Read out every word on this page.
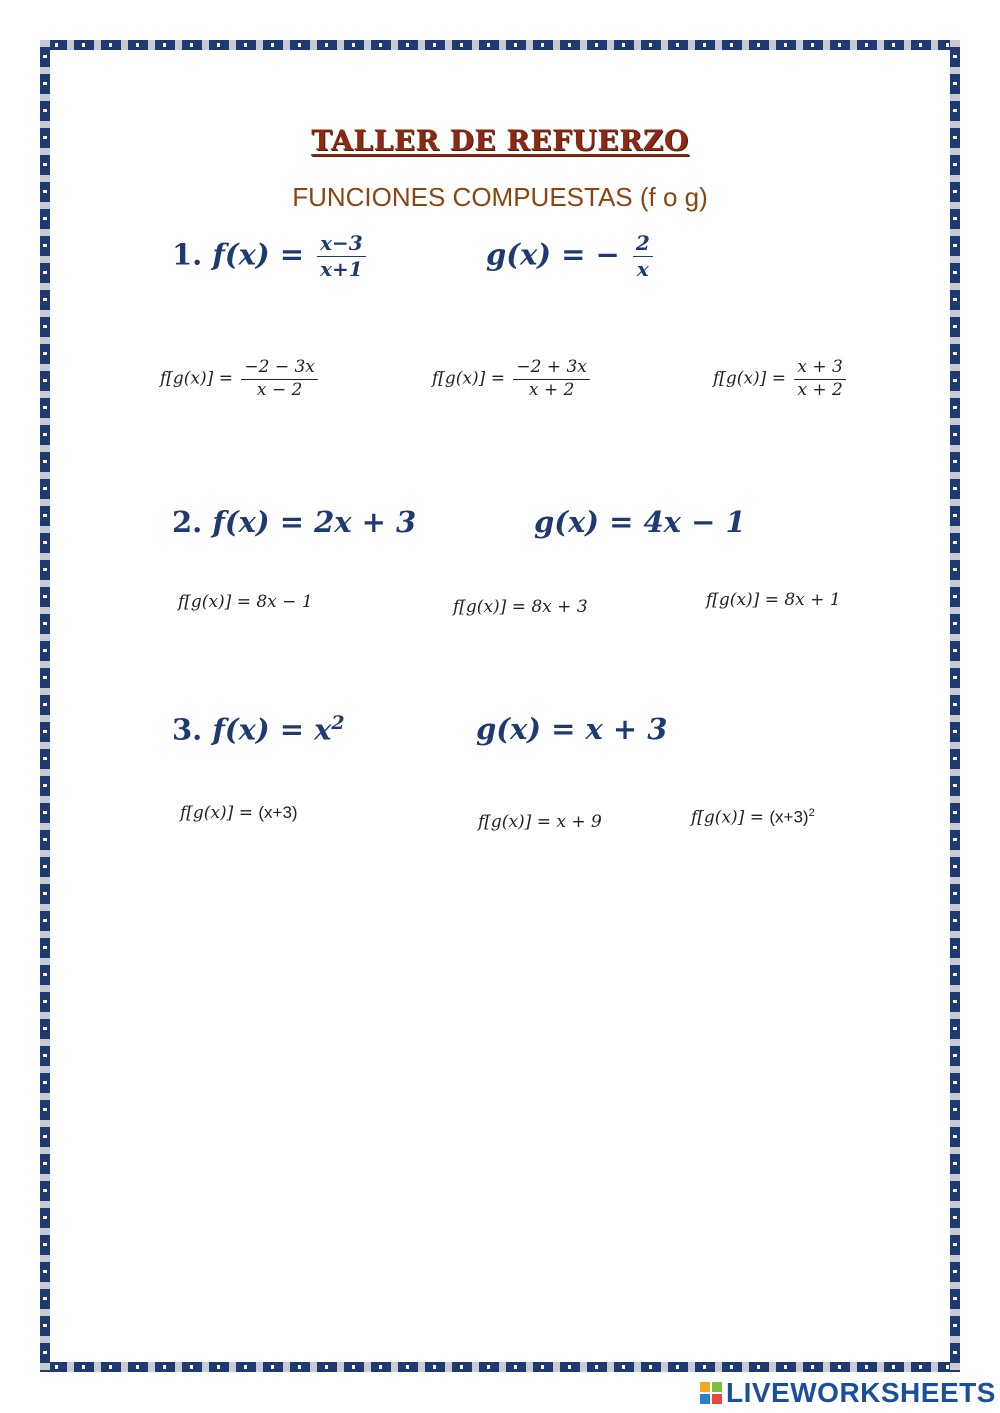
TALLER DE REFUERZO
FUNCIONES COMPUESTAS (f o g)
1. $f(x) = \frac{x-3}{x+1}$	g(x) = − $\frac{2}{x}$
$f[g(x)] = \frac{-2 - 3x}{x - 2}$	$f[g(x)] = \frac{-2 + 3x}{x + 2}$	$f[g(x)] = \frac{x + 3}{x + 2}$
2. f(x) = 2x + 3	g(x) = 4x − 1
f[g(x)] = 8x − 1	f[g(x)] = 8x + 3	f[g(x)] = 8x + 1
3. $f(x) = x^2$	g(x) = x + 3
f[g(x)] = (x+3)	f[g(x)] = x + 9	$f[g(x)] = (x+3)^2$
LIVEWORKSHEETS
